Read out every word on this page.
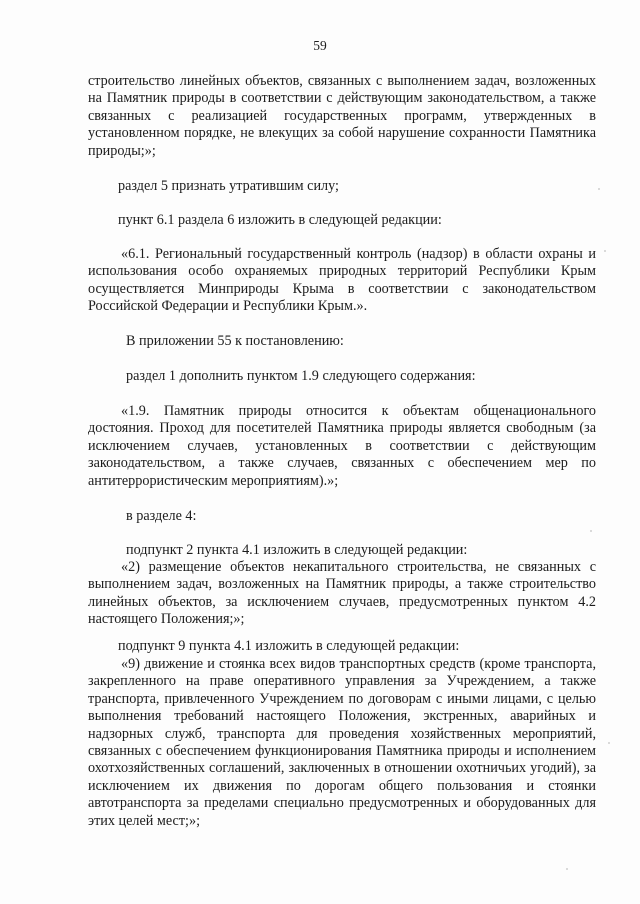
59

строительство линейных объектов, связанных с выполнением задач, возложенных на Памятник природы в соответствии с действующим законодательством, а также связанных с реализацией государственных программ, утвержденных в установленном порядке, не влекущих за собой нарушение сохранности Памятника природы;»;

раздел 5 признать утратившим силу;

пункт 6.1 раздела 6 изложить в следующей редакции:

«6.1. Региональный государственный контроль (надзор) в области охраны и использования особо охраняемых природных территорий Республики Крым осуществляется Минприроды Крыма в соответствии с законодательством Российской Федерации и Республики Крым.».

В приложении 55 к постановлению:

раздел 1 дополнить пунктом 1.9 следующего содержания:

«1.9. Памятник природы относится к объектам общенационального достояния. Проход для посетителей Памятника природы является свободным (за исключением случаев, установленных в соответствии с действующим законодательством, а также случаев, связанных с обеспечением мер по антитеррористическим мероприятиям).»;

в разделе 4:

подпункт 2 пункта 4.1 изложить в следующей редакции:

«2) размещение объектов некапитального строительства, не связанных с выполнением задач, возложенных на Памятник природы, а также строительство линейных объектов, за исключением случаев, предусмотренных пунктом 4.2 настоящего Положения;»;

подпункт 9 пункта 4.1 изложить в следующей редакции:

«9) движение и стоянка всех видов транспортных средств (кроме транспорта, закрепленного на праве оперативного управления за Учреждением, а также транспорта, привлеченного Учреждением по договорам с иными лицами, с целью выполнения требований настоящего Положения, экстренных, аварийных и надзорных служб, транспорта для проведения хозяйственных мероприятий, связанных с обеспечением функционирования Памятника природы и исполнением охотхозяйственных соглашений, заключенных в отношении охотничьих угодий), за исключением их движения по дорогам общего пользования и стоянки автотранспорта за пределами специально предусмотренных и оборудованных для этих целей мест;»;
